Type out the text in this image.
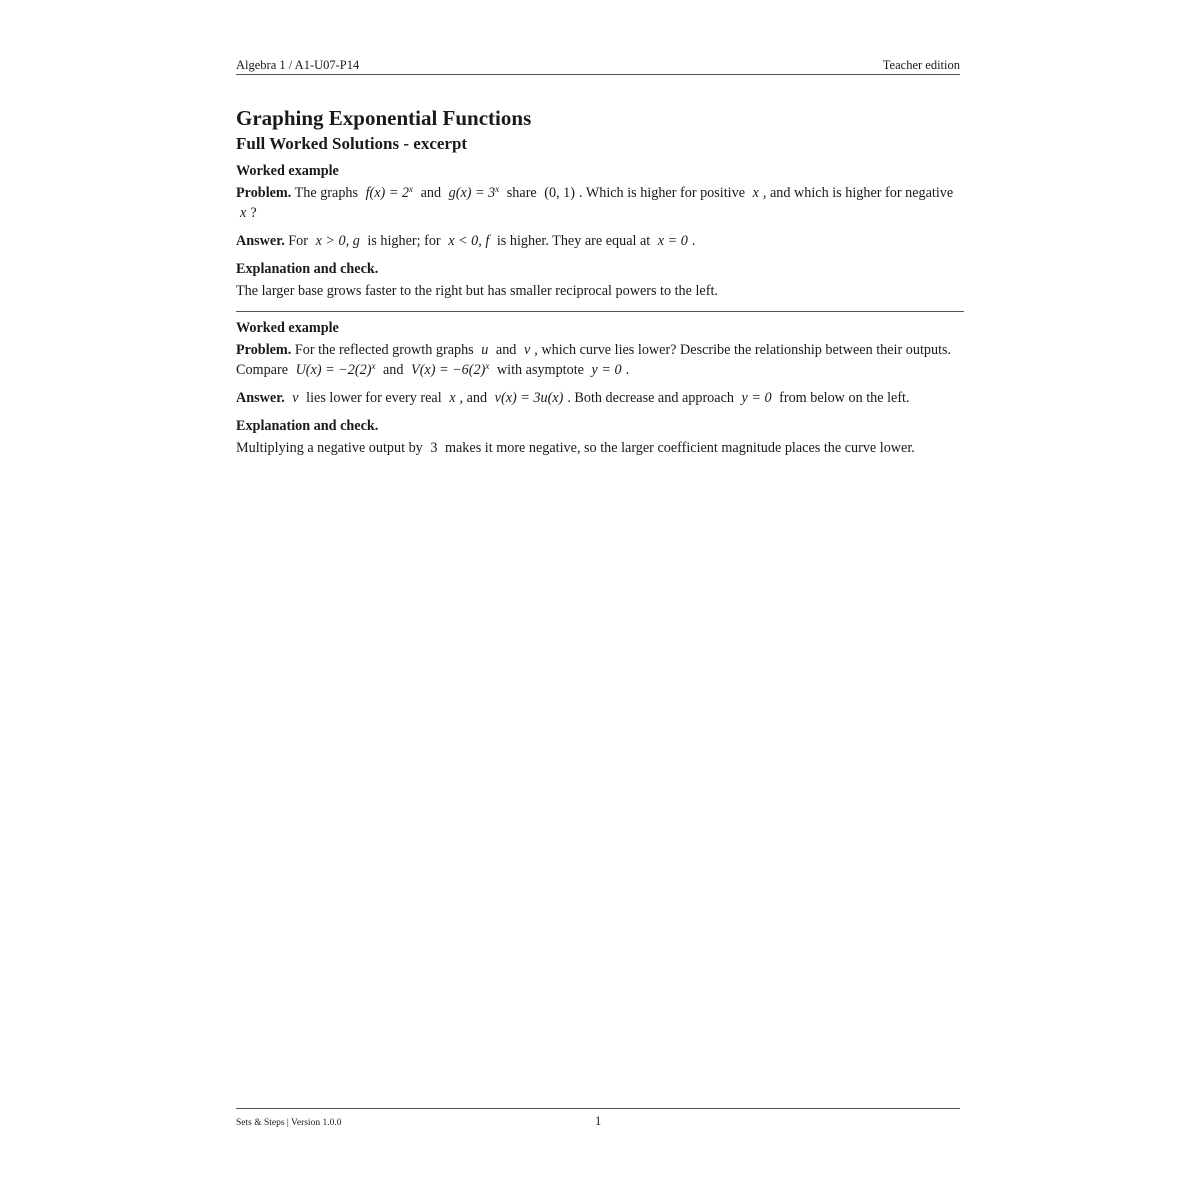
Algebra 1 / A1-U07-P14	Teacher edition
Graphing Exponential Functions
Full Worked Solutions - excerpt
Worked example

Problem. The graphs $f(x) = 2^x$ and $g(x) = 3^x$ share (0, 1) . Which is higher for positive x , and which is higher for negative x ?

Answer. For x > 0, g is higher; for x < 0, f is higher. They are equal at x = 0 .

Explanation and check.

The larger base grows faster to the right but has smaller reciprocal powers to the left.

Worked example

Problem. For the reflected growth graphs u and v , which curve lies lower? Describe the relationship between their outputs. Compare $U(x) = -2(2)^x$ and $V(x) = -6(2)^x$ with asymptote y = 0 .

Answer. v lies lower for every real x , and v(x) = 3u(x) . Both decrease and approach y = 0 from below on the left.

Explanation and check.

Multiplying a negative output by 3 makes it more negative, so the larger coefficient magnitude places the curve lower.

Sets & Steps | Version 1.0.0	1
